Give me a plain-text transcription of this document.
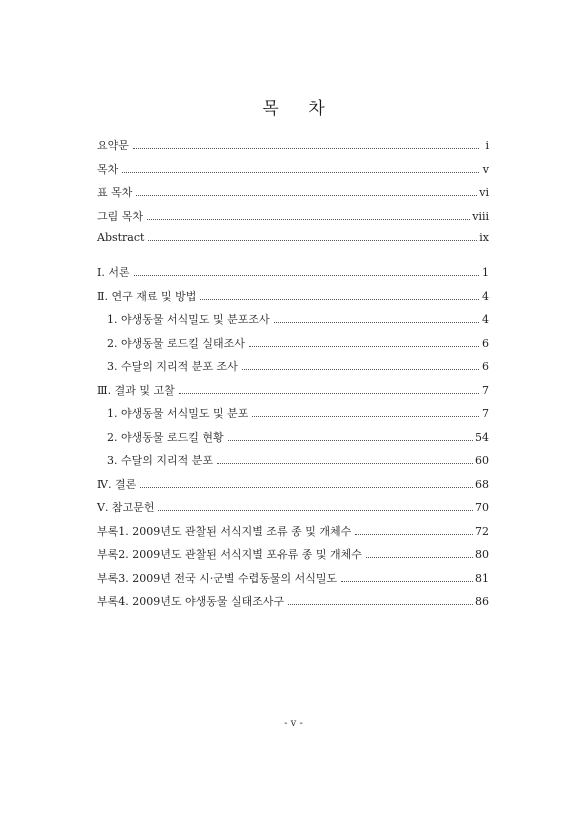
목 차
요약문	i
목차	v
표 목차	vi
그림 목차	ⅷ
Abstract	ix
Ⅰ. 서론	1
Ⅱ. 연구 재료 및 방법	4
1. 야생동물 서식밀도 및 분포조사	4
2. 야생동물 로드킬 실태조사	6
3. 수달의 지리적 분포 조사	6
Ⅲ. 결과 및 고찰	7
1. 야생동물 서식밀도 및 분포	7
2. 야생동물 로드킬 현황	54
3. 수달의 지리적 분포	60
Ⅳ. 결론	68
Ⅴ. 참고문헌	70
부록1. 2009년도 관찰된 서식지별 조류 종 및 개체수	72
부록2. 2009년도 관찰된 서식지별 포유류 종 및 개체수	80
부록3. 2009년 전국 시·군별 수렵동물의 서식밀도	81
부록4. 2009년도 야생동물 실태조사구	86
- v -
